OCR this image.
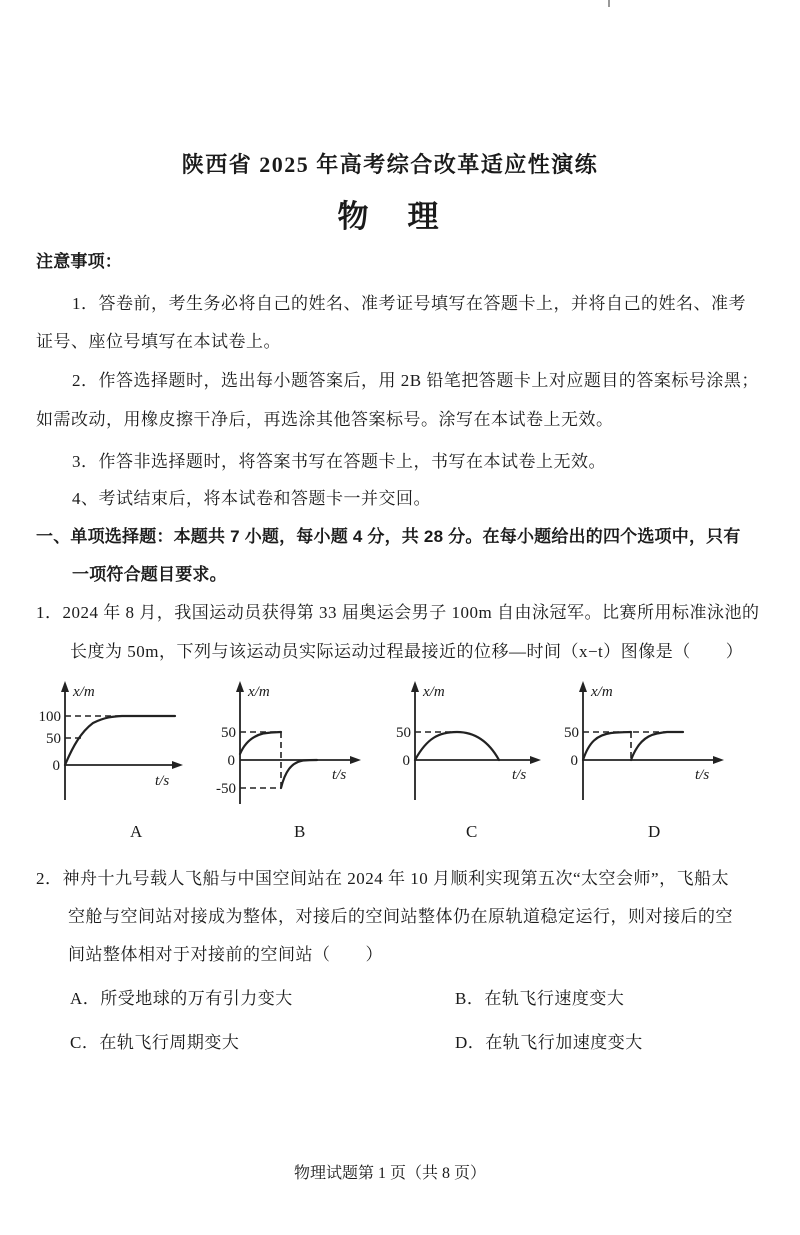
陕西省 2025 年高考综合改革适应性演练
物　理
注意事项：
1．答卷前，考生务必将自己的姓名、准考证号填写在答题卡上，并将自己的姓名、准考
证号、座位号填写在本试卷上。
2．作答选择题时，选出每小题答案后，用 2B 铅笔把答题卡上对应题目的答案标号涂黑；
如需改动，用橡皮擦干净后，再选涂其他答案标号。涂写在本试卷上无效。
3．作答非选择题时，将答案书写在答题卡上，书写在本试卷上无效。
4、考试结束后，将本试卷和答题卡一并交回。
一、单项选择题：本题共 7 小题，每小题 4 分，共 28 分。在每小题给出的四个选项中，只有
一项符合题目要求。
1．2024 年 8 月，我国运动员获得第 33 届奥运会男子 100m 自由泳冠军。比赛所用标准泳池的
长度为 50m，下列与该运动员实际运动过程最接近的位移—时间（x−t）图像是（　　）
x/m
t/s
100
50
0
x/m
t/s
50
0
-50
x/m
t/s
50
0
x/m
t/s
50
0
A	B	C	D
2．神舟十九号载人飞船与中国空间站在 2024 年 10 月顺利实现第五次“太空会师”，飞船太
空舱与空间站对接成为整体，对接后的空间站整体仍在原轨道稳定运行，则对接后的空
间站整体相对于对接前的空间站（　　）
A．所受地球的万有引力变大	B．在轨飞行速度变大
C．在轨飞行周期变大	D．在轨飞行加速度变大
物理试题第 1 页（共 8 页）
